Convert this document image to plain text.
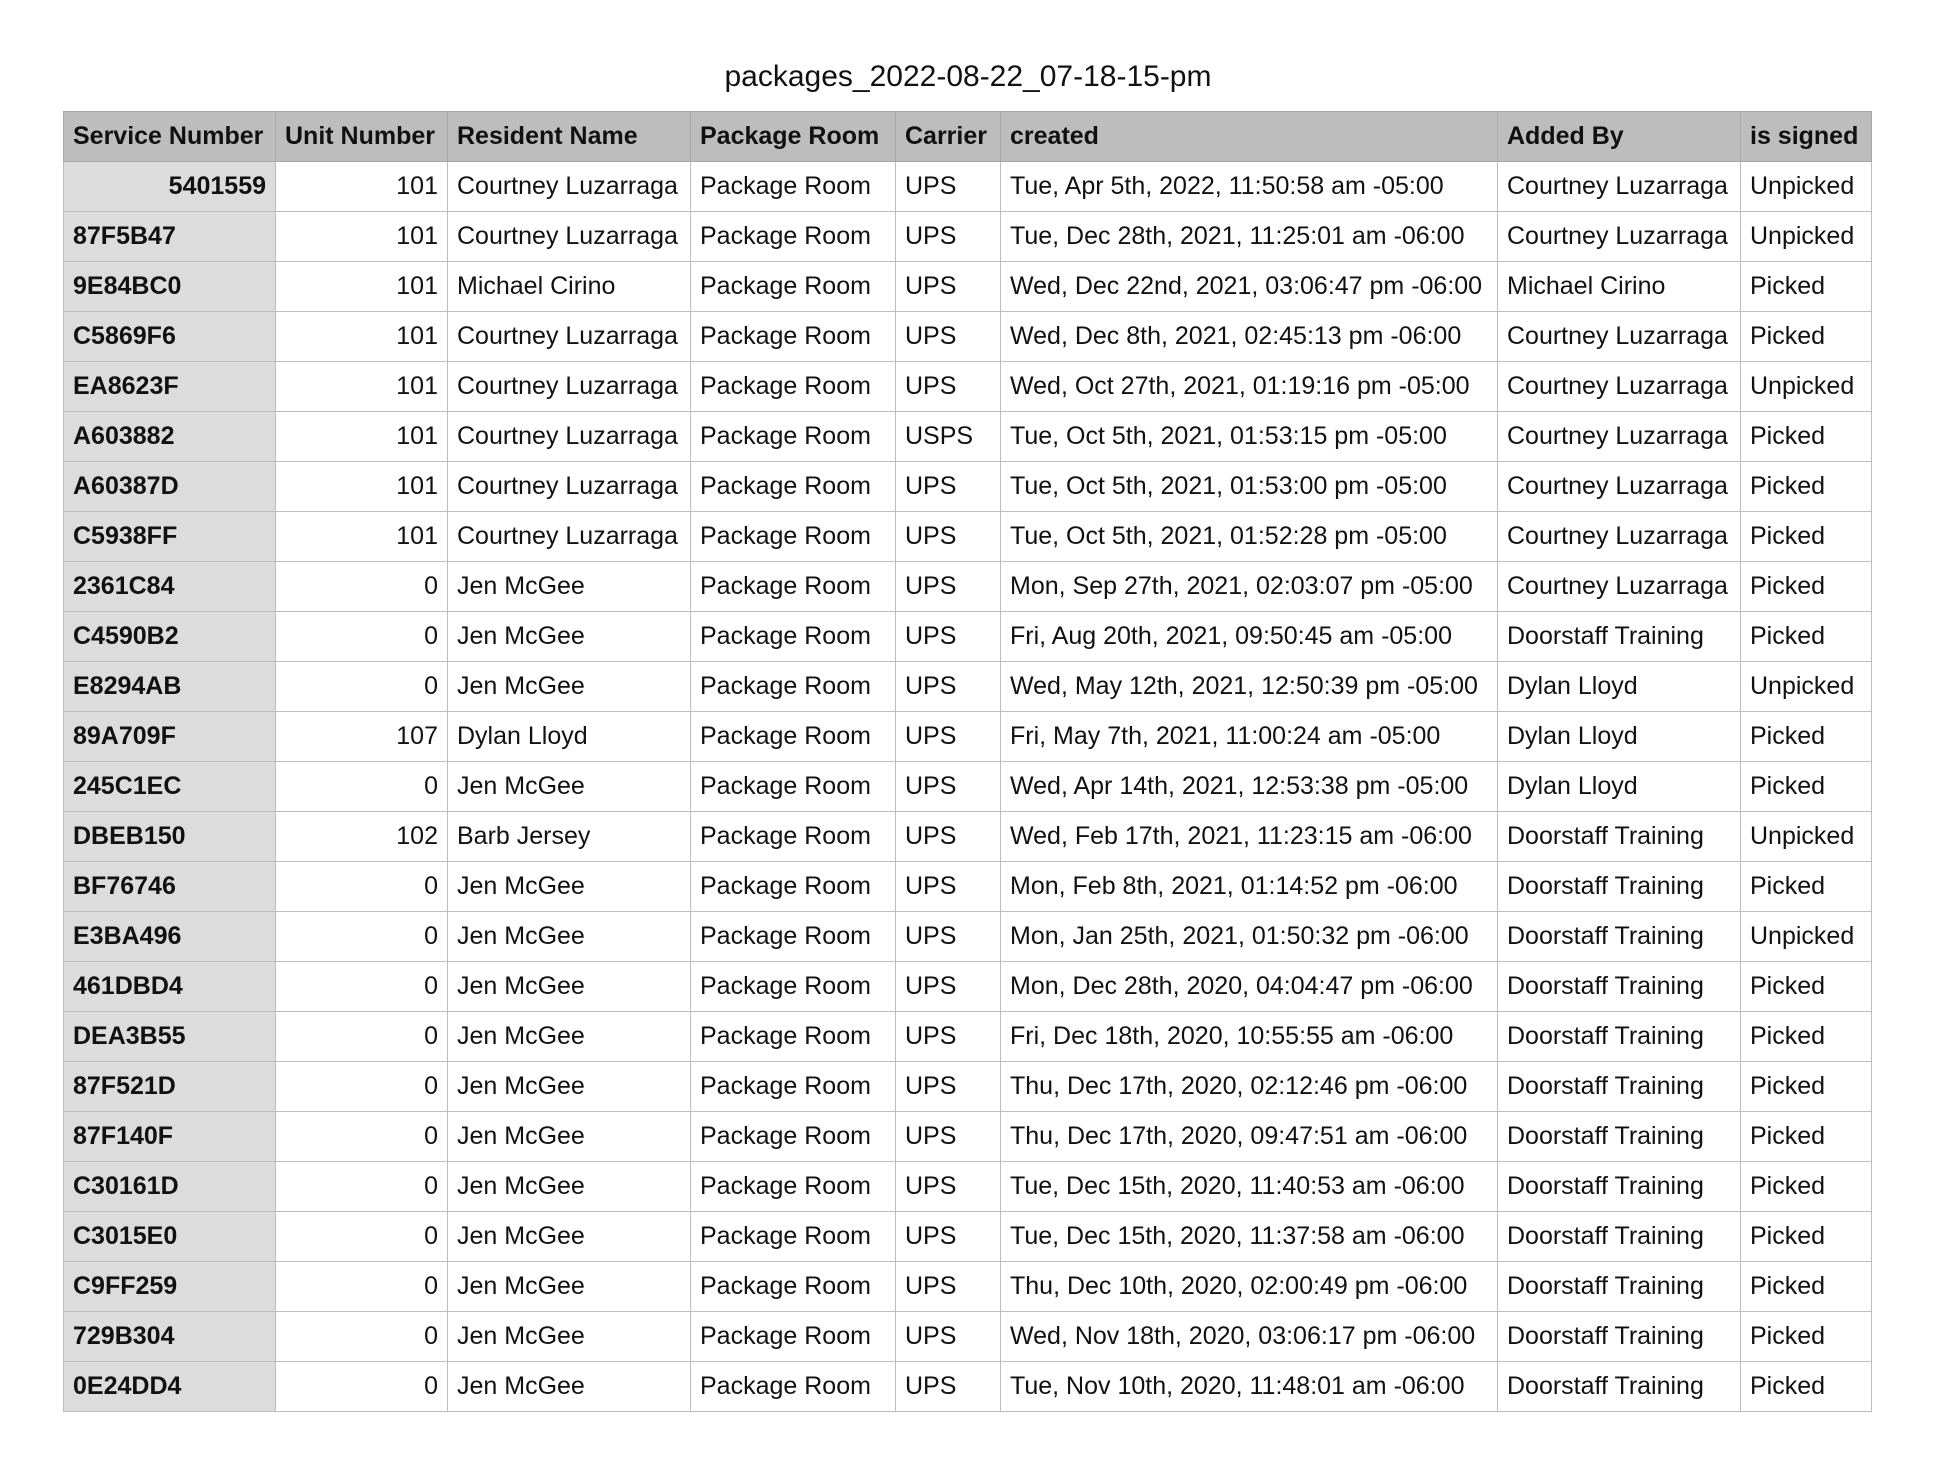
packages_2022-08-22_07-18-15-pm
Service Number	Unit Number	Resident Name	Package Room	Carrier	created	Added By	is signed
5401559	101	Courtney Luzarraga	Package Room	UPS	Tue, Apr 5th, 2022, 11:50:58 am -05:00	Courtney Luzarraga	Unpicked
87F5B47	101	Courtney Luzarraga	Package Room	UPS	Tue, Dec 28th, 2021, 11:25:01 am -06:00	Courtney Luzarraga	Unpicked
9E84BC0	101	Michael Cirino	Package Room	UPS	Wed, Dec 22nd, 2021, 03:06:47 pm -06:00	Michael Cirino	Picked
C5869F6	101	Courtney Luzarraga	Package Room	UPS	Wed, Dec 8th, 2021, 02:45:13 pm -06:00	Courtney Luzarraga	Picked
EA8623F	101	Courtney Luzarraga	Package Room	UPS	Wed, Oct 27th, 2021, 01:19:16 pm -05:00	Courtney Luzarraga	Unpicked
A603882	101	Courtney Luzarraga	Package Room	USPS	Tue, Oct 5th, 2021, 01:53:15 pm -05:00	Courtney Luzarraga	Picked
A60387D	101	Courtney Luzarraga	Package Room	UPS	Tue, Oct 5th, 2021, 01:53:00 pm -05:00	Courtney Luzarraga	Picked
C5938FF	101	Courtney Luzarraga	Package Room	UPS	Tue, Oct 5th, 2021, 01:52:28 pm -05:00	Courtney Luzarraga	Picked
2361C84	0	Jen McGee	Package Room	UPS	Mon, Sep 27th, 2021, 02:03:07 pm -05:00	Courtney Luzarraga	Picked
C4590B2	0	Jen McGee	Package Room	UPS	Fri, Aug 20th, 2021, 09:50:45 am -05:00	Doorstaff Training	Picked
E8294AB	0	Jen McGee	Package Room	UPS	Wed, May 12th, 2021, 12:50:39 pm -05:00	Dylan Lloyd	Unpicked
89A709F	107	Dylan Lloyd	Package Room	UPS	Fri, May 7th, 2021, 11:00:24 am -05:00	Dylan Lloyd	Picked
245C1EC	0	Jen McGee	Package Room	UPS	Wed, Apr 14th, 2021, 12:53:38 pm -05:00	Dylan Lloyd	Picked
DBEB150	102	Barb Jersey	Package Room	UPS	Wed, Feb 17th, 2021, 11:23:15 am -06:00	Doorstaff Training	Unpicked
BF76746	0	Jen McGee	Package Room	UPS	Mon, Feb 8th, 2021, 01:14:52 pm -06:00	Doorstaff Training	Picked
E3BA496	0	Jen McGee	Package Room	UPS	Mon, Jan 25th, 2021, 01:50:32 pm -06:00	Doorstaff Training	Unpicked
461DBD4	0	Jen McGee	Package Room	UPS	Mon, Dec 28th, 2020, 04:04:47 pm -06:00	Doorstaff Training	Picked
DEA3B55	0	Jen McGee	Package Room	UPS	Fri, Dec 18th, 2020, 10:55:55 am -06:00	Doorstaff Training	Picked
87F521D	0	Jen McGee	Package Room	UPS	Thu, Dec 17th, 2020, 02:12:46 pm -06:00	Doorstaff Training	Picked
87F140F	0	Jen McGee	Package Room	UPS	Thu, Dec 17th, 2020, 09:47:51 am -06:00	Doorstaff Training	Picked
C30161D	0	Jen McGee	Package Room	UPS	Tue, Dec 15th, 2020, 11:40:53 am -06:00	Doorstaff Training	Picked
C3015E0	0	Jen McGee	Package Room	UPS	Tue, Dec 15th, 2020, 11:37:58 am -06:00	Doorstaff Training	Picked
C9FF259	0	Jen McGee	Package Room	UPS	Thu, Dec 10th, 2020, 02:00:49 pm -06:00	Doorstaff Training	Picked
729B304	0	Jen McGee	Package Room	UPS	Wed, Nov 18th, 2020, 03:06:17 pm -06:00	Doorstaff Training	Picked
0E24DD4	0	Jen McGee	Package Room	UPS	Tue, Nov 10th, 2020, 11:48:01 am -06:00	Doorstaff Training	Picked
